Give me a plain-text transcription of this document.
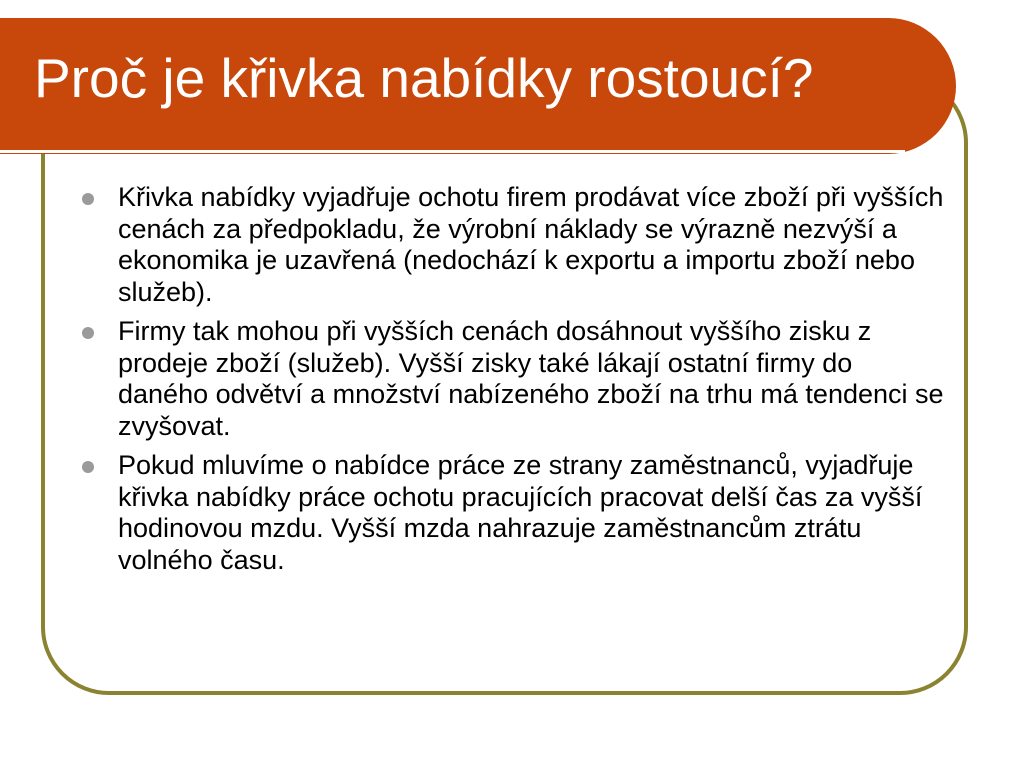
Proč je křivka nabídky rostoucí?
Křivka nabídky vyjadřuje ochotu firem prodávat více zboží při vyšších cenách za předpokladu, že výrobní náklady se výrazně nezvýší a ekonomika je uzavřená (nedochází k exportu a importu zboží nebo služeb).
Firmy tak mohou při vyšších cenách dosáhnout vyššího zisku z prodeje zboží (služeb). Vyšší zisky také lákají ostatní firmy do daného odvětví a množství nabízeného zboží na trhu má tendenci se zvyšovat.
Pokud mluvíme o nabídce práce ze strany zaměstnanců, vyjadřuje křivka nabídky práce ochotu pracujících pracovat delší čas za vyšší hodinovou mzdu. Vyšší mzda nahrazuje zaměstnancům ztrátu volného času.
